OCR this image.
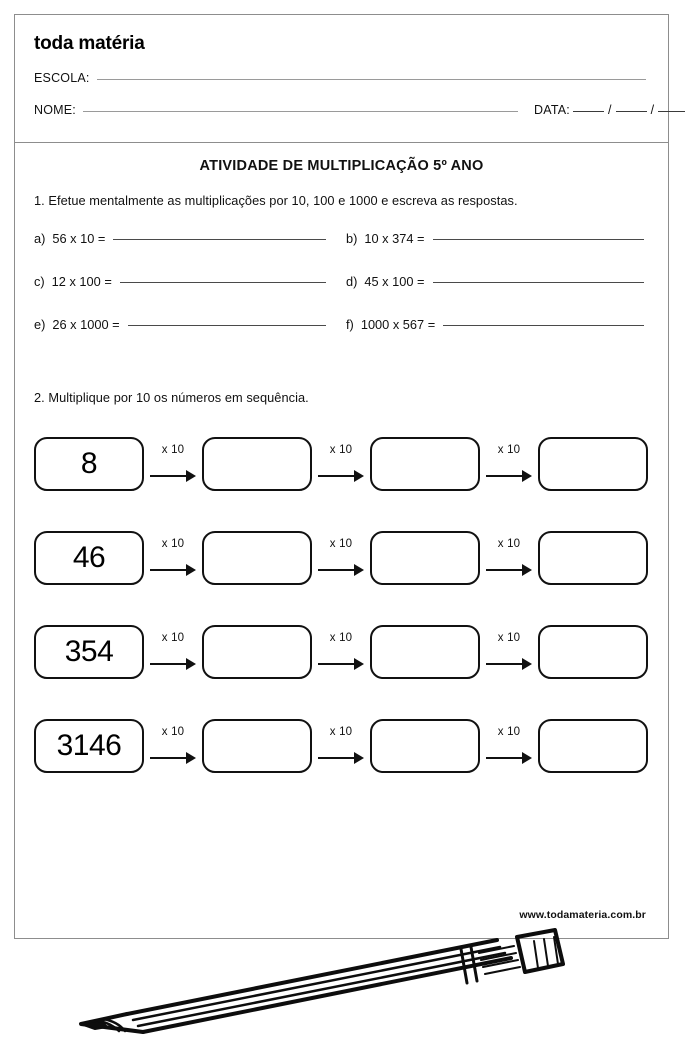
toda matéria
ESCOLA:
NOME:	DATA:	/	/
ATIVIDADE DE MULTIPLICAÇÃO 5º ANO
1. Efetue mentalmente as multiplicações por 10, 100 e 1000 e escreva as respostas.
a) 56 x 10 =	b) 10 x 374 =
c) 12 x 100 =	d) 45 x 100 =
e) 26 x 1000 =	f) 1000 x 567 =
2. Multiplique por 10 os números em sequência.
8	x 10	x 10	x 10
46	x 10	x 10	x 10
354	x 10	x 10	x 10
3146	x 10	x 10	x 10
www.todamateria.com.br
